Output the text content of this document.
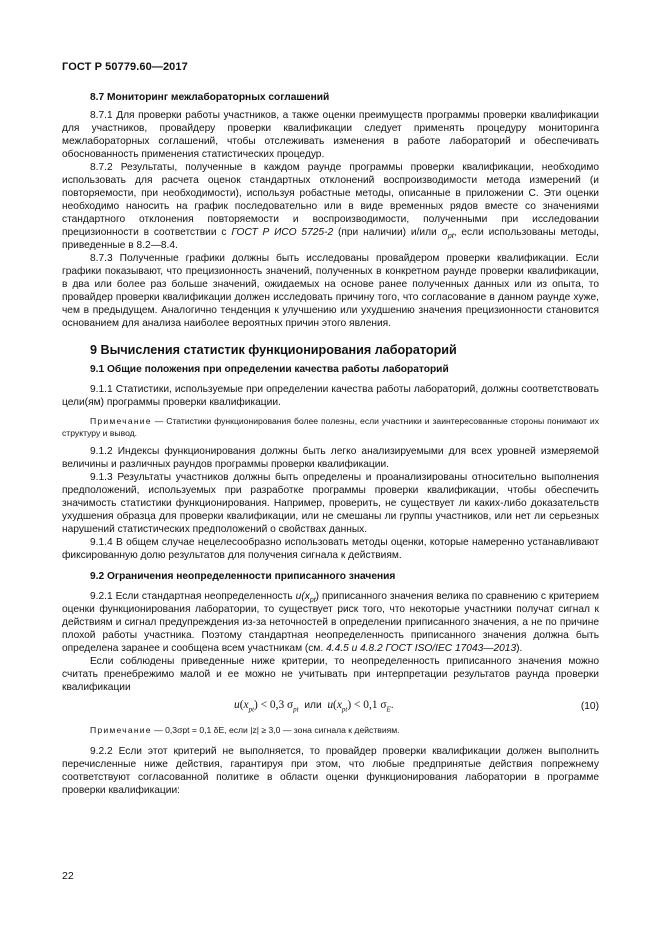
ГОСТ Р 50779.60—2017
8.7 Мониторинг межлабораторных соглашений

8.7.1 Для проверки работы участников, а также оценки преимуществ программы проверки квалификации для участников, провайдеру проверки квалификации следует применять процедуру мониторинга межлабораторных соглашений, чтобы отслеживать изменения в работе лабораторий и обеспечивать обоснованность применения статистических процедур.

8.7.2 Результаты, полученные в каждом раунде программы проверки квалификации, необходимо использовать для расчета оценок стандартных отклонений воспроизводимости метода измерений (и повторяемости, при необходимости), используя робастные методы, описанные в приложении С. Эти оценки необходимо наносить на график последовательно или в виде временных рядов вместе со значениями стандартного отклонения повторяемости и воспроизводимости, полученными при исследовании прецизионности в соответствии с ГОСТ Р ИСО 5725-2 (при наличии) и/или $\sigma_{pt}$, если использованы методы, приведенные в 8.2—8.4.

8.7.3 Полученные графики должны быть исследованы провайдером проверки квалификации. Если графики показывают, что прецизионность значений, полученных в конкретном раунде проверки квалификации, в два или более раз больше значений, ожидаемых на основе ранее полученных данных или из опыта, то провайдер проверки квалификации должен исследовать причину того, что согласование в данном раунде хуже, чем в предыдущем. Аналогично тенденция к улучшению или ухудшению значения прецизионности становится основанием для анализа наиболее вероятных причин этого явления.

9 Вычисления статистик функционирования лабораторий
9.1 Общие положения при определении качества работы лабораторий

9.1.1 Статистики, используемые при определении качества работы лабораторий, должны соответствовать цели(ям) программы проверки квалификации.

Примечание — Статистики функционирования более полезны, если участники и заинтересованные стороны понимают их структуру и вывод.

9.1.2 Индексы функционирования должны быть легко анализируемыми для всех уровней измеряемой величины и различных раундов программы проверки квалификации.

9.1.3 Результаты участников должны быть определены и проанализированы относительно выполнения предположений, используемых при разработке программы проверки квалификации, чтобы обеспечить значимость статистики функционирования. Например, проверить, не существует ли каких-либо доказательств ухудшения образца для проверки квалификации, или не смешаны ли группы участников, или нет ли серьезных нарушений статистических предположений о свойствах данных.

9.1.4 В общем случае нецелесообразно использовать методы оценки, которые намеренно устанавливают фиксированную долю результатов для получения сигнала к действиям.

9.2 Ограничения неопределенности приписанного значения

9.2.1 Если стандартная неопределенность $u(x_{pt})$ приписанного значения велика по сравнению с критерием оценки функционирования лаборатории, то существует риск того, что некоторые участники получат сигнал к действиям и сигнал предупреждения из-за неточностей в определении приписанного значения, а не по причине плохой работы участника. Поэтому стандартная неопределенность приписанного значения должна быть определена заранее и сообщена всем участникам (см. 4.4.5 и 4.8.2 ГОСТ ISO/IEC 17043—2013).

Если соблюдены приведенные ниже критерии, то неопределенность приписанного значения можно считать пренебрежимо малой и ее можно не учитывать при интерпретации результатов раунда проверки квалификации

$u(x_{pt}) < 0,3$ $\sigma_{pt}$ или $u(x_{pt}) < 0,1$ $\sigma_E$.	(10)

Примечание — 0,3σpt = 0,1 δE, если |z| ≥ 3,0 — зона сигнала к действиям.

9.2.2 Если этот критерий не выполняется, то провайдер проверки квалификации должен выполнить перечисленные ниже действия, гарантируя при этом, что любые предпринятые действия попрежнему соответствуют согласованной политике в области оценки функционирования лаборатории в программе проверки квалификации:

22
